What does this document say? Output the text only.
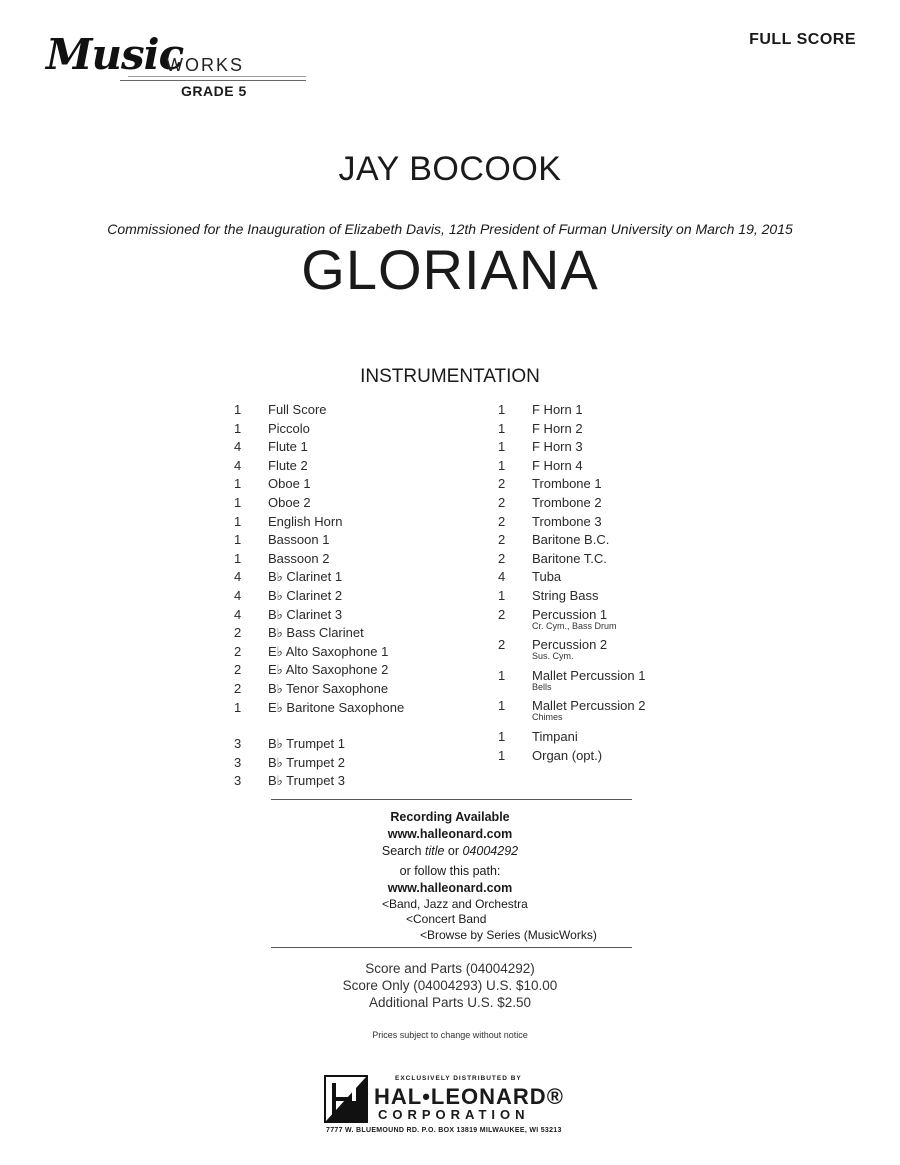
Music
WORKS
GRADE 5
FULL SCORE
JAY BOCOOK
Commissioned for the Inauguration of Elizabeth Davis, 12th President of Furman University on March 19, 2015
GLORIANA
INSTRUMENTATION
1	Full Score
1	Piccolo
4	Flute 1
4	Flute 2
1	Oboe 1
1	Oboe 2
1	English Horn
1	Bassoon 1
1	Bassoon 2
4	B♭ Clarinet 1
4	B♭ Clarinet 2
4	B♭ Clarinet 3
2	B♭ Bass Clarinet
2	E♭ Alto Saxophone 1
2	E♭ Alto Saxophone 2
2	B♭ Tenor Saxophone
1	E♭ Baritone Saxophone
3	B♭ Trumpet 1
3	B♭ Trumpet 2
3	B♭ Trumpet 3
1	F Horn 1
1	F Horn 2
1	F Horn 3
1	F Horn 4
2	Trombone 1
2	Trombone 2
2	Trombone 3
2	Baritone B.C.
2	Baritone T.C.
4	Tuba
1	String Bass
2	Percussion 1
Cr. Cym., Bass Drum
2	Percussion 2
Sus. Cym.
1	Mallet Percussion 1
Bells
1	Mallet Percussion 2
Chimes
1	Timpani
1	Organ (opt.)
Recording Available
www.halleonard.com
Search title or 04004292
or follow this path:
www.halleonard.com
<Band, Jazz and Orchestra
<Concert Band
<Browse by Series (MusicWorks)
Score and Parts (04004292)
Score Only (04004293) U.S. $10.00
Additional Parts U.S. $2.50
Prices subject to change without notice
EXCLUSIVELY DISTRIBUTED BY
HAL•LEONARD®
CORPORATION
7777 W. BLUEMOUND RD. P.O. BOX 13819 MILWAUKEE, WI 53213
